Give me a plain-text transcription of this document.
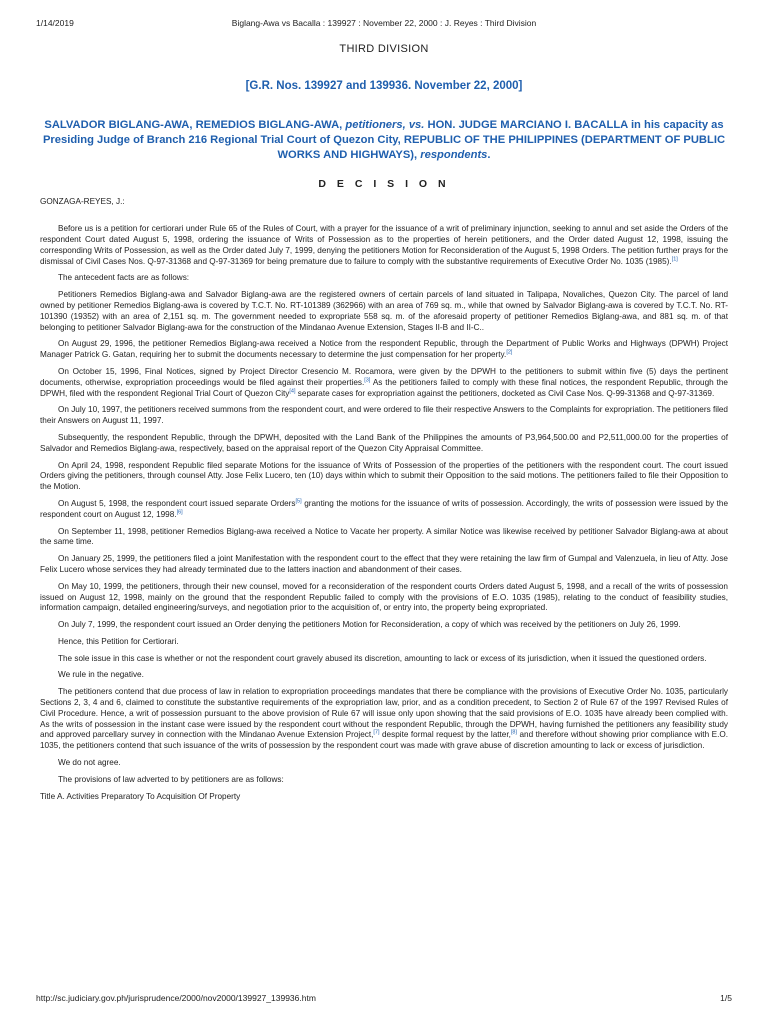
1/14/2019	Biglang-Awa vs Bacalla : 139927 : November 22, 2000 : J. Reyes : Third Division
THIRD DIVISION
[G.R. Nos. 139927 and 139936. November 22, 2000]
SALVADOR BIGLANG-AWA, REMEDIOS BIGLANG-AWA, petitioners, vs. HON. JUDGE MARCIANO I. BACALLA in his capacity as Presiding Judge of Branch 216 Regional Trial Court of Quezon City, REPUBLIC OF THE PHILIPPINES (DEPARTMENT OF PUBLIC WORKS AND HIGHWAYS), respondents.
D E C I S I O N
GONZAGA-REYES, J.:

Before us is a petition for certiorari under Rule 65 of the Rules of Court, with a prayer for the issuance of a writ of preliminary injunction, seeking to annul and set aside the Orders of the respondent Court dated August 5, 1998, ordering the issuance of Writs of Possession as to the properties of herein petitioners, and the Order dated August 12, 1998, issuing the corresponding Writs of Possession, as well as the Order dated July 7, 1999, denying the petitioners Motion for Reconsideration of the August 5, 1998 Orders. The petition further prays for the dismissal of Civil Cases Nos. Q-97-31368 and Q-97-31369 for being premature due to failure to comply with the substantive requirements of Executive Order No. 1035 (1985).[1]

The antecedent facts are as follows:

Petitioners Remedios Biglang-awa and Salvador Biglang-awa are the registered owners of certain parcels of land situated in Talipapa, Novaliches, Quezon City. The parcel of land owned by petitioner Remedios Biglang-awa is covered by T.C.T. No. RT-101389 (362966) with an area of 769 sq. m., while that owned by Salvador Biglang-awa is covered by T.C.T. No. RT-101390 (19352) with an area of 2,151 sq. m. The government needed to expropriate 558 sq. m. of the aforesaid property of petitioner Remedios Biglang-awa, and 881 sq. m. of that belonging to petitioner Salvador Biglang-awa for the construction of the Mindanao Avenue Extension, Stages II-B and II-C..

On August 29, 1996, the petitioner Remedios Biglang-awa received a Notice from the respondent Republic, through the Department of Public Works and Highways (DPWH) Project Manager Patrick G. Gatan, requiring her to submit the documents necessary to determine the just compensation for her property.[2]

On October 15, 1996, Final Notices, signed by Project Director Cresencio M. Rocamora, were given by the DPWH to the petitioners to submit within five (5) days the pertinent documents, otherwise, expropriation proceedings would be filed against their properties.[3] As the petitioners failed to comply with these final notices, the respondent Republic, through the DPWH, filed with the respondent Regional Trial Court of Quezon City[4] separate cases for expropriation against the petitioners, docketed as Civil Case Nos. Q-99-31368 and Q-97-31369.

On July 10, 1997, the petitioners received summons from the respondent court, and were ordered to file their respective Answers to the Complaints for expropriation. The petitioners filed their Answers on August 11, 1997.

Subsequently, the respondent Republic, through the DPWH, deposited with the Land Bank of the Philippines the amounts of P3,964,500.00 and P2,511,000.00 for the properties of Salvador and Remedios Biglang-awa, respectively, based on the appraisal report of the Quezon City Appraisal Committee.

On April 24, 1998, respondent Republic filed separate Motions for the issuance of Writs of Possession of the properties of the petitioners with the respondent court. The court issued Orders giving the petitioners, through counsel Atty. Jose Felix Lucero, ten (10) days within which to submit their Opposition to the said motions. The petitioners failed to file their Opposition to the Motion.

On August 5, 1998, the respondent court issued separate Orders[5] granting the motions for the issuance of writs of possession. Accordingly, the writs of possession were issued by the respondent court on August 12, 1998.[6]

On September 11, 1998, petitioner Remedios Biglang-awa received a Notice to Vacate her property. A similar Notice was likewise received by petitioner Salvador Biglang-awa at about the same time.

On January 25, 1999, the petitioners filed a joint Manifestation with the respondent court to the effect that they were retaining the law firm of Gumpal and Valenzuela, in lieu of Atty. Jose Felix Lucero whose services they had already terminated due to the latters inaction and abandonment of their cases.

On May 10, 1999, the petitioners, through their new counsel, moved for a reconsideration of the respondent courts Orders dated August 5, 1998, and a recall of the writs of possession issued on August 12, 1998, mainly on the ground that the respondent Republic failed to comply with the provisions of E.O. 1035 (1985), relating to the conduct of feasibility studies, information campaign, detailed engineering/surveys, and negotiation prior to the acquisition of, or entry into, the property being expropriated.

On July 7, 1999, the respondent court issued an Order denying the petitioners Motion for Reconsideration, a copy of which was received by the petitioners on July 26, 1999.

Hence, this Petition for Certiorari.

The sole issue in this case is whether or not the respondent court gravely abused its discretion, amounting to lack or excess of its jurisdiction, when it issued the questioned orders.

We rule in the negative.

The petitioners contend that due process of law in relation to expropriation proceedings mandates that there be compliance with the provisions of Executive Order No. 1035, particularly Sections 2, 3, 4 and 6, claimed to constitute the substantive requirements of the expropriation law, prior, and as a condition precedent, to Section 2 of Rule 67 of the 1997 Revised Rules of Civil Procedure. Hence, a writ of possession pursuant to the above provision of Rule 67 will issue only upon showing that the said provisions of E.O. 1035 have already been complied with. As the writs of possession in the instant case were issued by the respondent court without the respondent Republic, through the DPWH, having furnished the petitioners any feasibility study and approved parcellary survey in connection with the Mindanao Avenue Extension Project,[7] despite formal request by the latter,[8] and therefore without showing prior compliance with E.O. 1035, the petitioners contend that such issuance of the writs of possession by the respondent court was made with grave abuse of discretion amounting to lack or excess of jurisdiction.

We do not agree.

The provisions of law adverted to by petitioners are as follows:

Title A. Activities Preparatory To Acquisition Of Property

http://sc.judiciary.gov.ph/jurisprudence/2000/nov2000/139927_139936.htm	1/5
